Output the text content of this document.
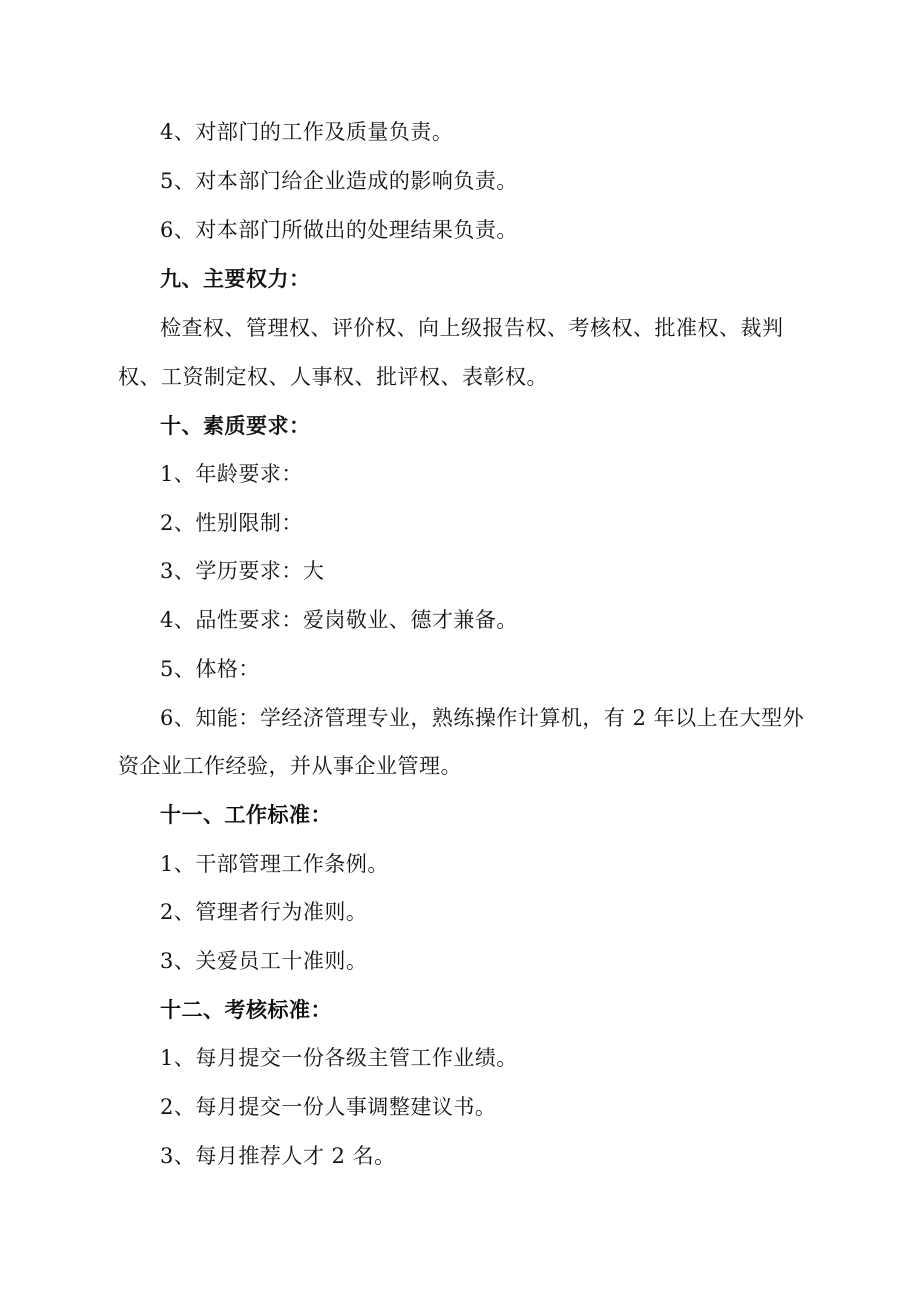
4、对部门的工作及质量负责。
5、对本部门给企业造成的影响负责。
6、对本部门所做出的处理结果负责。
九、主要权力：
检查权、管理权、评价权、向上级报告权、考核权、批准权、裁判
权、工资制定权、人事权、批评权、表彰权。
十、素质要求：
1、年龄要求：
2、性别限制：
3、学历要求：大
4、品性要求：爱岗敬业、德才兼备。
5、体格：
6、知能：学经济管理专业，熟练操作计算机，有 2 年以上在大型外
资企业工作经验，并从事企业管理。
十一、工作标准：
1、干部管理工作条例。
2、管理者行为准则。
3、关爱员工十准则。
十二、考核标准：
1、每月提交一份各级主管工作业绩。
2、每月提交一份人事调整建议书。
3、每月推荐人才 2 名。
